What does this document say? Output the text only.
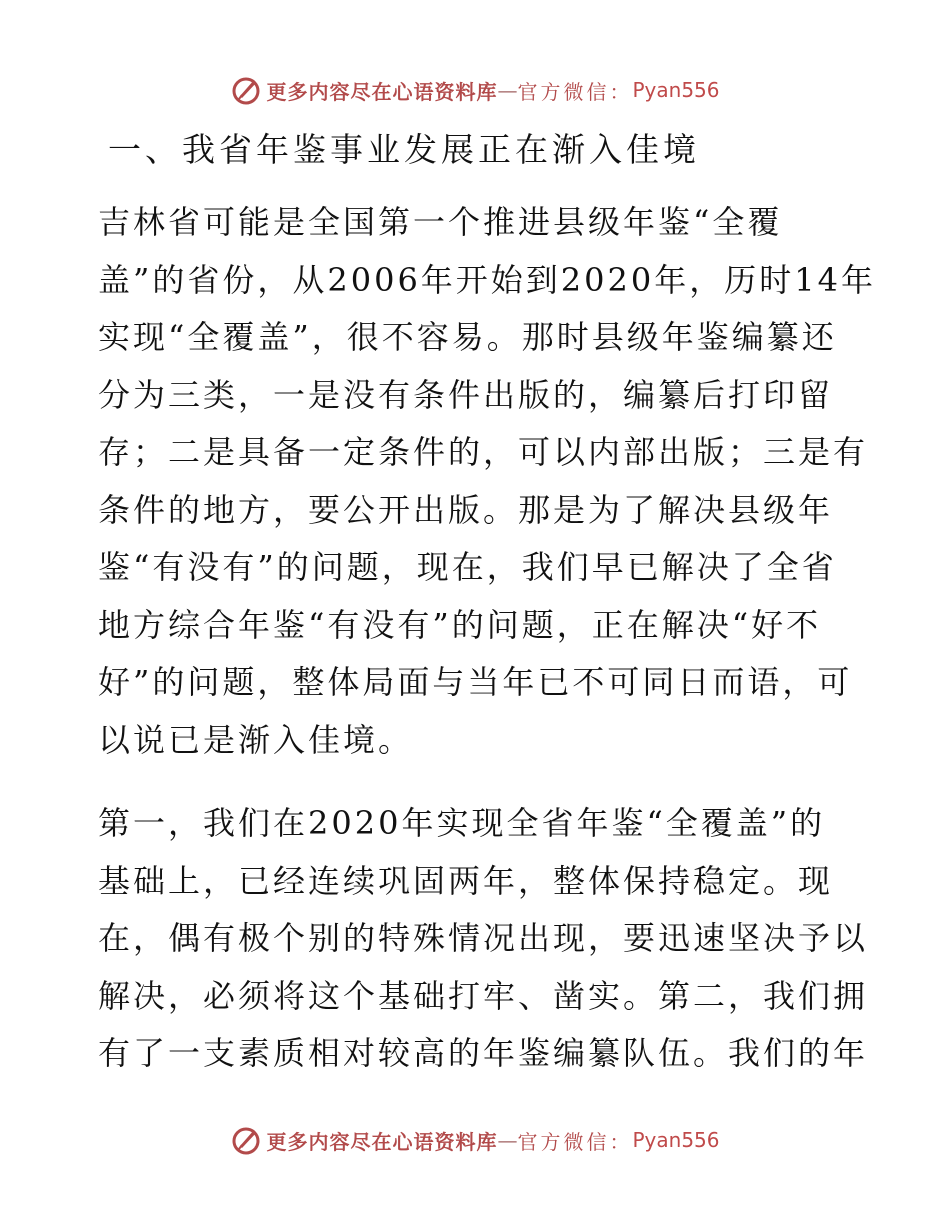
更多内容尽在心语资料库 — 官方微信： Pyan556
一、我省年鉴事业发展正在渐入佳境
吉林省可能是全国第一个推进县级年鉴“全覆
盖”的省份，从2006年开始到2020年，历时14年
实现“全覆盖”，很不容易。那时县级年鉴编纂还
分为三类，一是没有条件出版的，编纂后打印留
存；二是具备一定条件的，可以内部出版；三是有
条件的地方，要公开出版。那是为了解决县级年
鉴“有没有”的问题，现在，我们早已解决了全省
地方综合年鉴“有没有”的问题，正在解决“好不
好”的问题，整体局面与当年已不可同日而语，可
以说已是渐入佳境。
第一，我们在2020年实现全省年鉴“全覆盖”的
基础上，已经连续巩固两年，整体保持稳定。现
在，偶有极个别的特殊情况出现，要迅速坚决予以
解决，必须将这个基础打牢、凿实。第二，我们拥
有了一支素质相对较高的年鉴编纂队伍。我们的年
更多内容尽在心语资料库 — 官方微信： Pyan556
